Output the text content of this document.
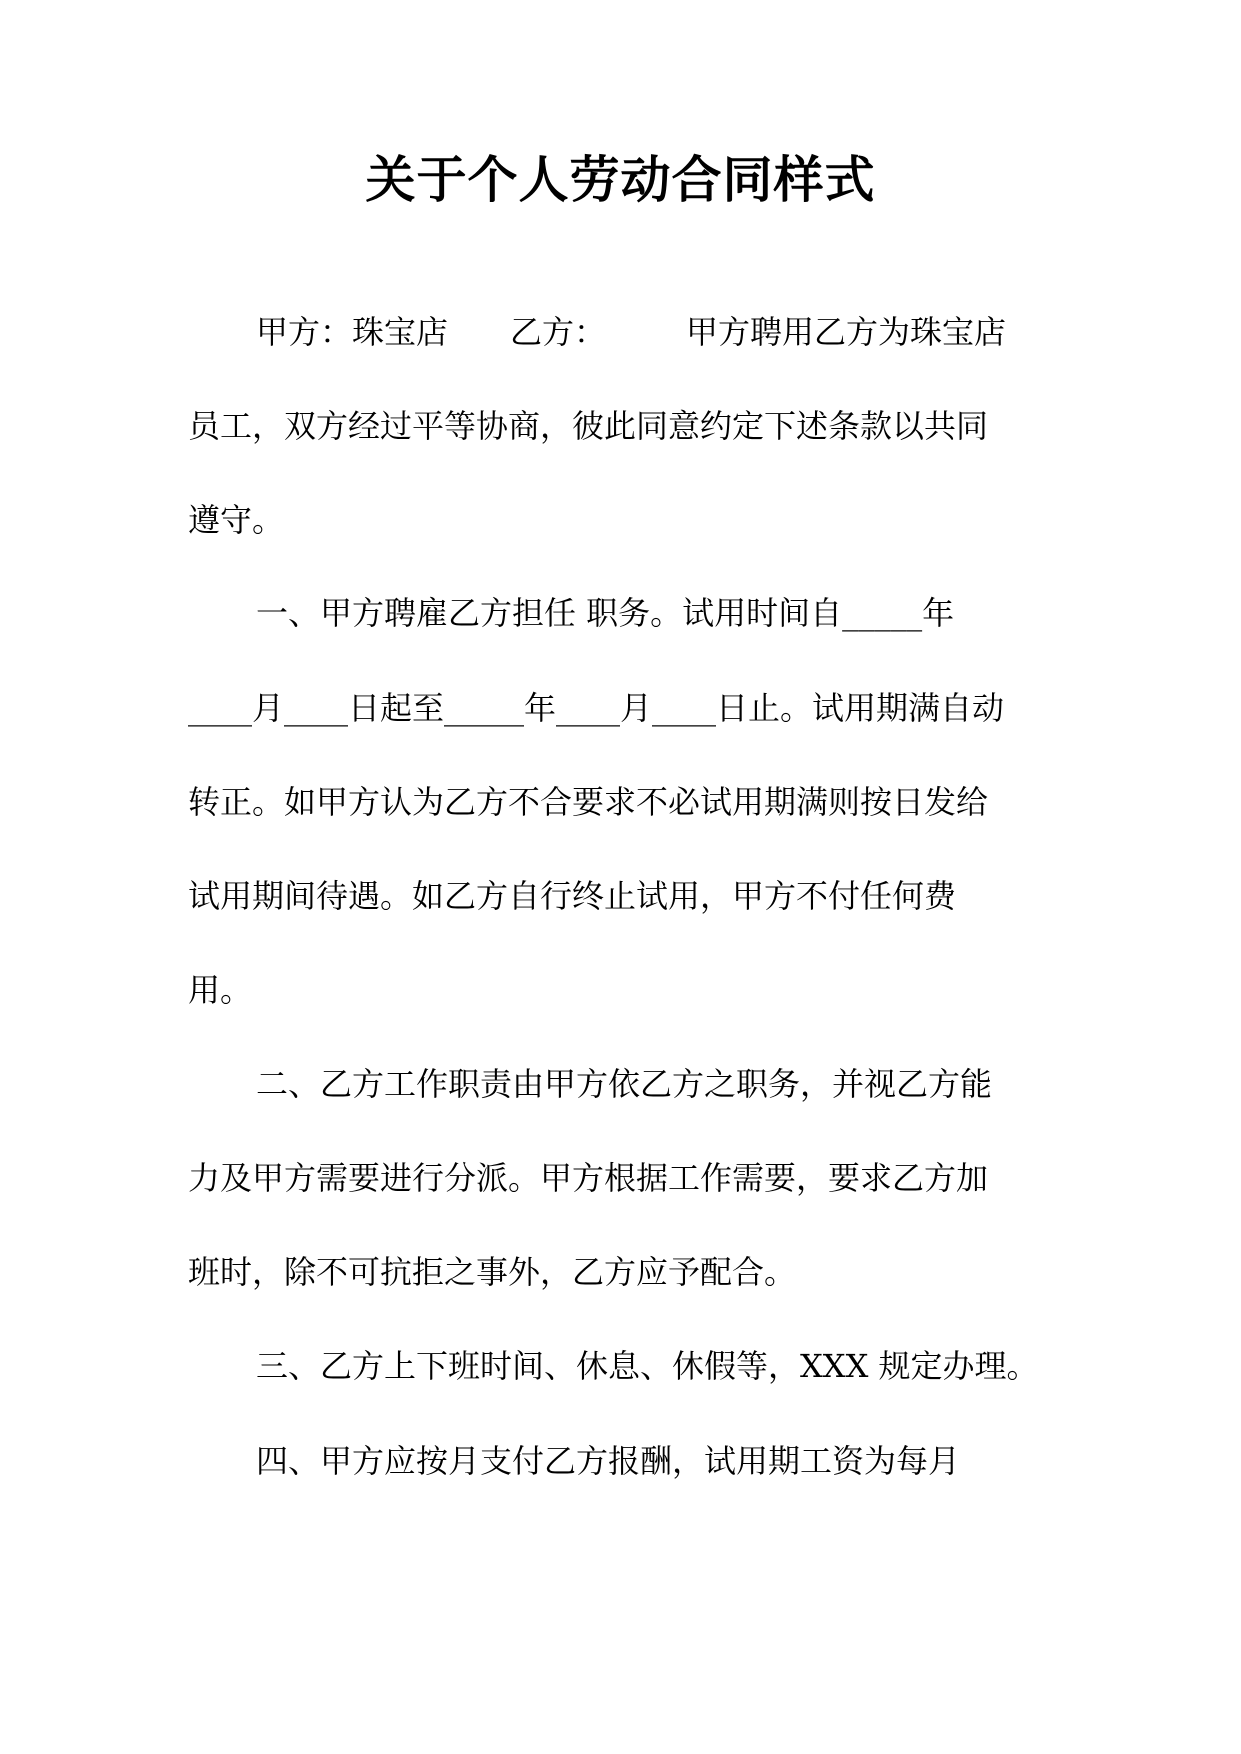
关于个人劳动合同样式
甲方：珠宝店 乙方：	甲方聘用乙方为珠宝店
员工，双方经过平等协商，彼此同意约定下述条款以共同
遵守。
一、甲方聘雇乙方担任 职务。试用时间自_____年
____月____日起至_____年____月____日止。试用期满自动
转正。如甲方认为乙方不合要求不必试用期满则按日发给
试用期间待遇。如乙方自行终止试用，甲方不付任何费
用。
二、乙方工作职责由甲方依乙方之职务，并视乙方能
力及甲方需要进行分派。甲方根据工作需要，要求乙方加
班时，除不可抗拒之事外，乙方应予配合。
三、乙方上下班时间、休息、休假等，XXX 规定办理。
四、甲方应按月支付乙方报酬，试用期工资为每月
